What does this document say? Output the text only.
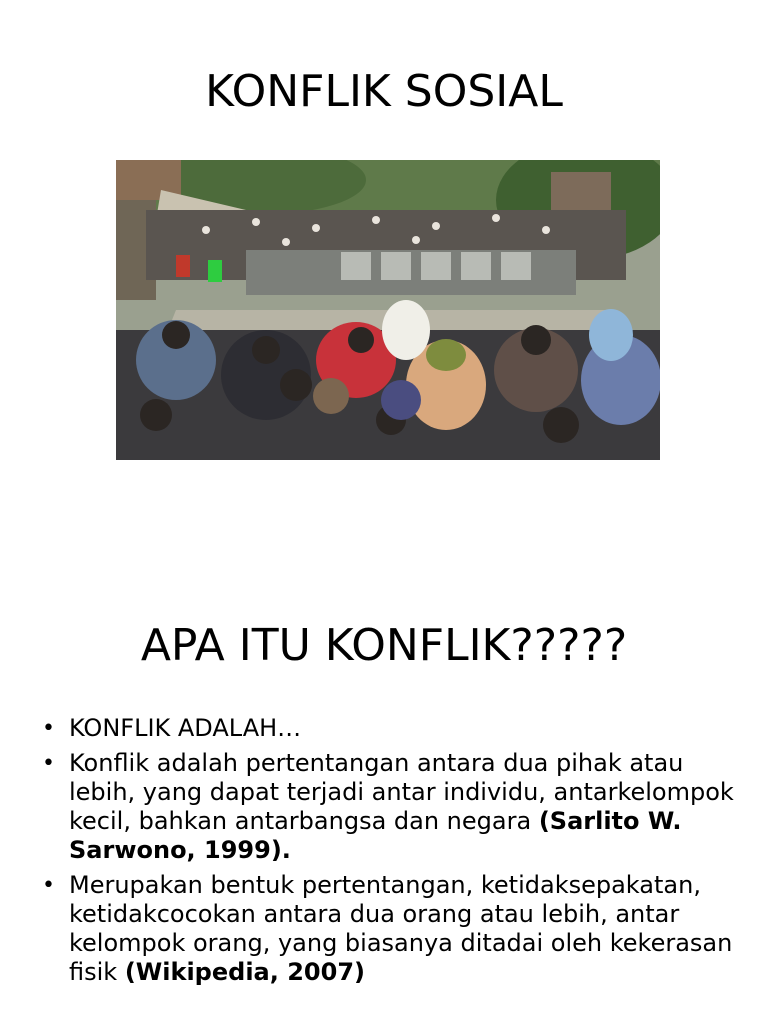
KONFLIK SOSIAL
APA ITU KONFLIK?????
• KONFLIK ADALAH…
• Konflik adalah pertentangan antara dua pihak atau lebih, yang dapat terjadi antar individu, antarkelompok kecil, bahkan antarbangsa dan negara (Sarlito W. Sarwono, 1999).
• Merupakan bentuk pertentangan, ketidaksepakatan, ketidakcocokan antara dua orang atau lebih, antar kelompok orang, yang biasanya ditadai oleh kekerasan fisik (Wikipedia, 2007)
